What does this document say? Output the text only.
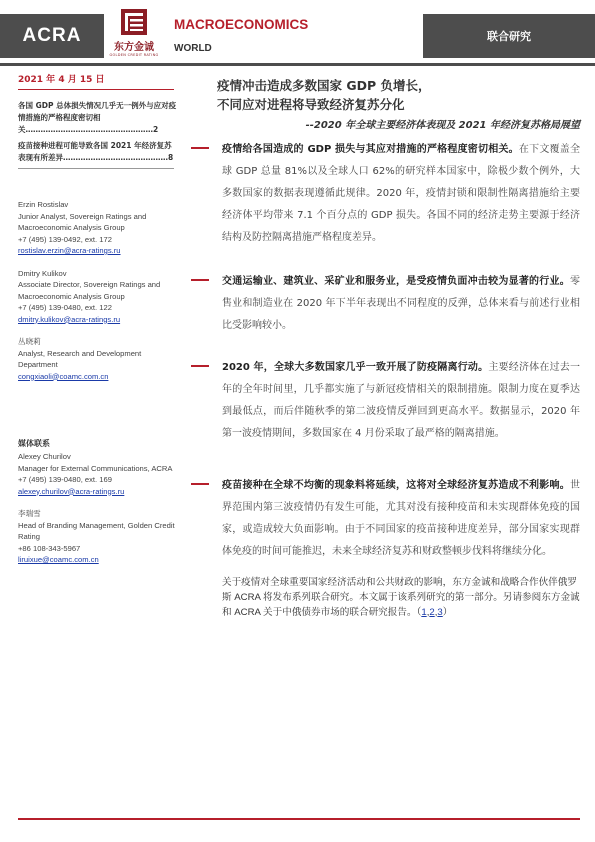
ACRA
东方金诚
GOLDEN CREDIT RATING
MACROECONOMICS
WORLD
联合研究
2021 年 4 月 15 日
各国 GDP 总体损失情况几乎无一例外与应对疫情措施的严格程度密切相关……………………………………………2
疫苗接种进程可能导致各国 2021 年经济复苏表现有所差异……………………………………8
Erzin Rostislav
Junior Analyst, Sovereign Ratings and Macroeconomic Analysis Group
+7 (495) 139-0492, ext. 172
rostislav.erzin@acra-ratings.ru
Dmitry Kulikov
Associate Director, Sovereign Ratings and Macroeconomic Analysis Group
+7 (495) 139-0480, ext. 122
dmitry.kulikov@acra-ratings.ru
丛晓莉
Analyst, Research and Development Department
congxiaoli@coamc.com.cn
媒体联系
Alexey Churilov
Manager for External Communications, ACRA
+7 (495) 139-0480, ext. 169
alexey.churilov@acra-ratings.ru
李瑞雪
Head of Branding Management, Golden Credit Rating
+86 108-343-5967
liruixue@coamc.com.cn
疫情冲击造成多数国家 GDP 负增长，
不同应对进程将导致经济复苏分化
--2020 年全球主要经济体表现及 2021 年经济复苏格局展望
疫情给各国造成的 GDP 损失与其应对措施的严格程度密切相关。在下文覆盖全球 GDP 总量 81%以及全球人口 62%的研究样本国家中，除极少数个例外，大多数国家的数据表现遵循此规律。2020 年，疫情封锁和限制性隔离措施给主要经济体平均带来 7.1 个百分点的 GDP 损失。各国不同的经济走势主要源于经济结构及防控隔离措施严格程度差异。
交通运输业、建筑业、采矿业和服务业，是受疫情负面冲击较为显著的行业。零售业和制造业在 2020 年下半年表现出不同程度的反弹，总体来看与前述行业相比受影响较小。
2020 年，全球大多数国家几乎一致开展了防疫隔离行动。主要经济体在过去一年的全年时间里，几乎都实施了与新冠疫情相关的限制措施。限制力度在夏季达到最低点，而后伴随秋季的第二波疫情反弹回到更高水平。数据显示，2020 年第一波疫情期间，多数国家在 4 月份采取了最严格的隔离措施。
疫苗接种在全球不均衡的现象料将延续，这将对全球经济复苏造成不利影响。世界范围内第三波疫情仍有发生可能，尤其对没有接种疫苗和未实现群体免疫的国家，或造成较大负面影响。由于不同国家的疫苗接种进度差异，部分国家实现群体免疫的时间可能推迟，未来全球经济复苏和财政整顿步伐料将继续分化。
关于疫情对全球重要国家经济活动和公共财政的影响，东方金诚和战略合作伙伴俄罗斯 ACRA 将发布系列联合研究。本文属于该系列研究的第一部分。另请参阅东方金诚和 ACRA 关于中俄债券市场的联合研究报告。（1,2,3）
